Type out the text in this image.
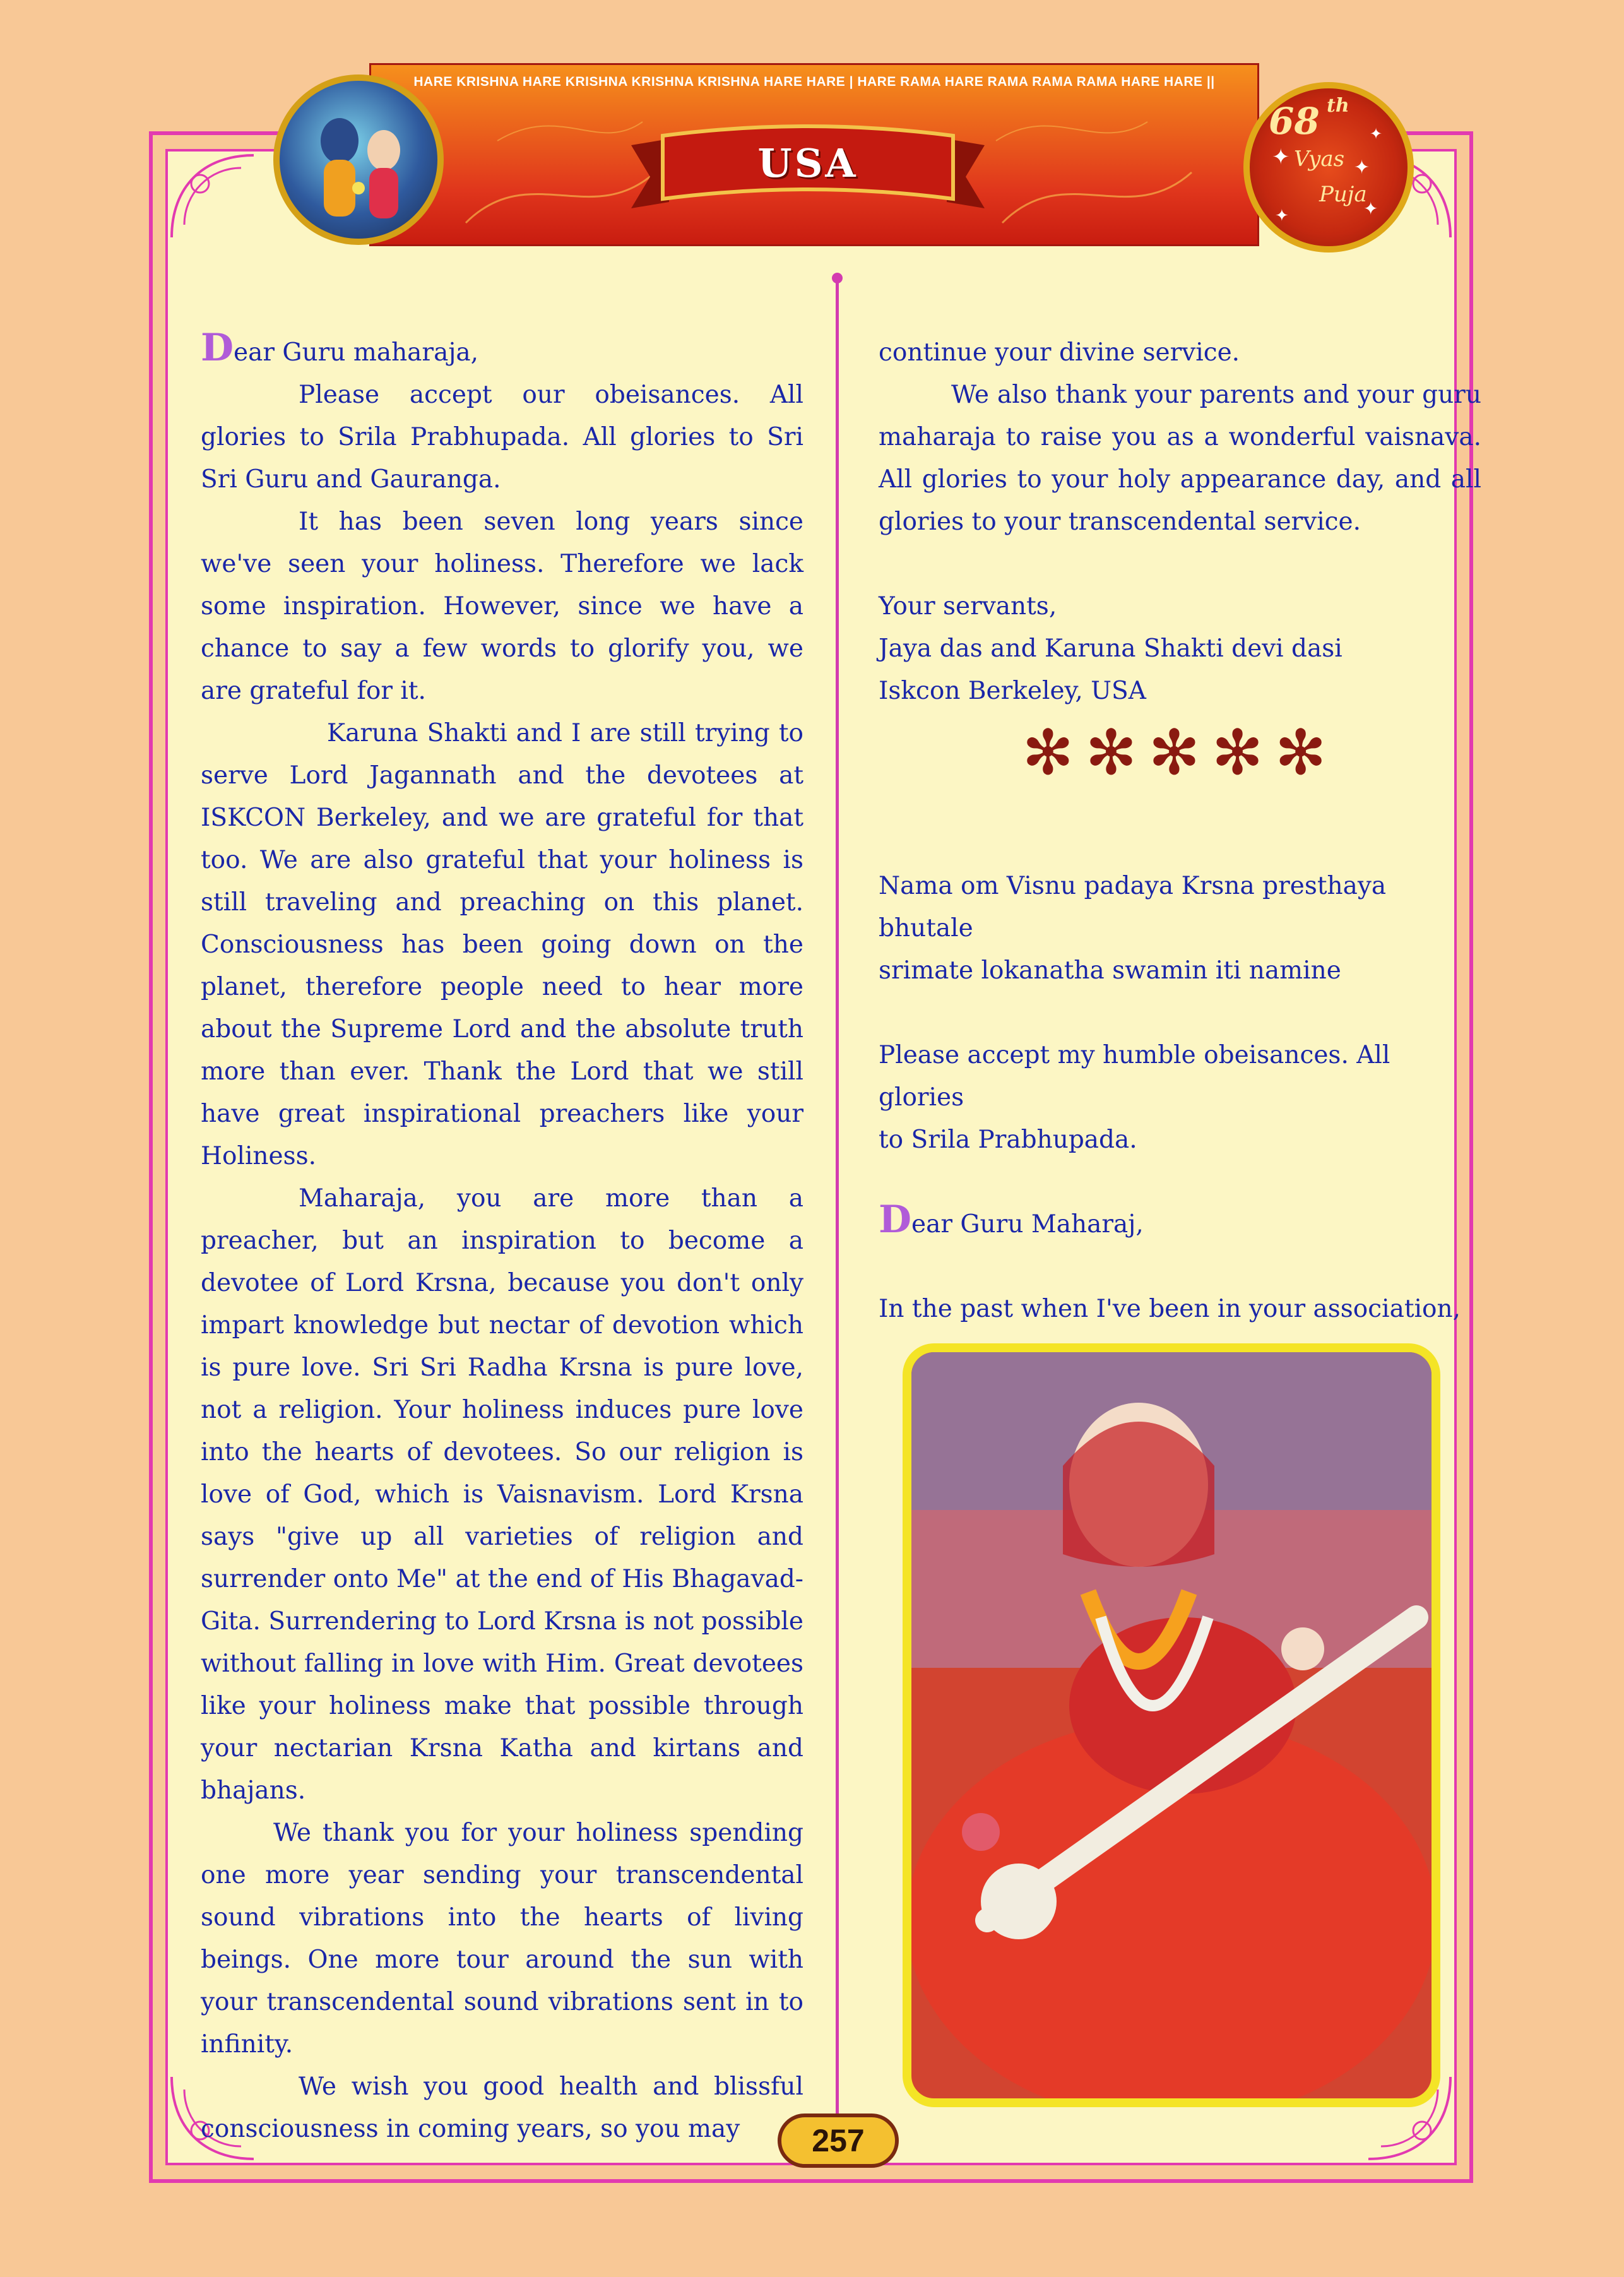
HARE KRISHNA HARE KRISHNA KRISHNA KRISHNA HARE HARE | HARE RAMA HARE RAMA RAMA RAMA HARE HARE ||
USA	✦	✦
✦
✦
✦
68 th
Vyas
Puja

Dear Guru maharaja,

Please accept our obeisances. All glories to Srila Prabhupada. All glories to Sri Sri Guru and Gauranga.

It has been seven long years since we've seen your holiness. Therefore we lack some inspiration. However, since we have a chance to say a few words to glorify you, we are grateful for it.

Karuna Shakti and I are still trying to serve Lord Jagannath and the devotees at ISKCON Berkeley, and we are grateful for that too. We are also grateful that your holiness is still traveling and preaching on this planet. Consciousness has been going down on the planet, therefore people need to hear more about the Supreme Lord and the absolute truth more than ever. Thank the Lord that we still have great inspirational preachers like your Holiness.

Maharaja, you are more than a preacher, but an inspiration to become a devotee of Lord Krsna, because you don't only impart knowledge but nectar of devotion which is pure love. Sri Sri Radha Krsna is pure love, not a religion. Your holiness induces pure love into the hearts of devotees. So our religion is love of God, which is Vaisnavism. Lord Krsna says "give up all varieties of religion and surrender onto Me" at the end of His Bhagavad-Gita. Surrendering to Lord Krsna is not possible without falling in love with Him. Great devotees like your holiness make that possible through your nectarian Krsna Katha and kirtans and bhajans.

We thank you for your holiness spending one more year sending your transcendental sound vibrations into the hearts of living beings. One more tour around the sun with your transcendental sound vibrations sent in to infinity.

We wish you good health and blissful consciousness in coming years, so you may

continue your divine service.

We also thank your parents and your guru maharaja to raise you as a wonderful vaisnava. All glories to your holy appearance day, and all glories to your transcendental service.

Your servants,

Jaya das and Karuna Shakti devi dasi

Iskcon Berkeley, USA

✻✻✻✻✻

Nama om Visnu padaya Krsna presthaya bhutale

srimate lokanatha swamin iti namine

Please accept my humble obeisances. All glories

to Srila Prabhupada.

Dear Guru Maharaj,

In the past when I've been in your association,

257
